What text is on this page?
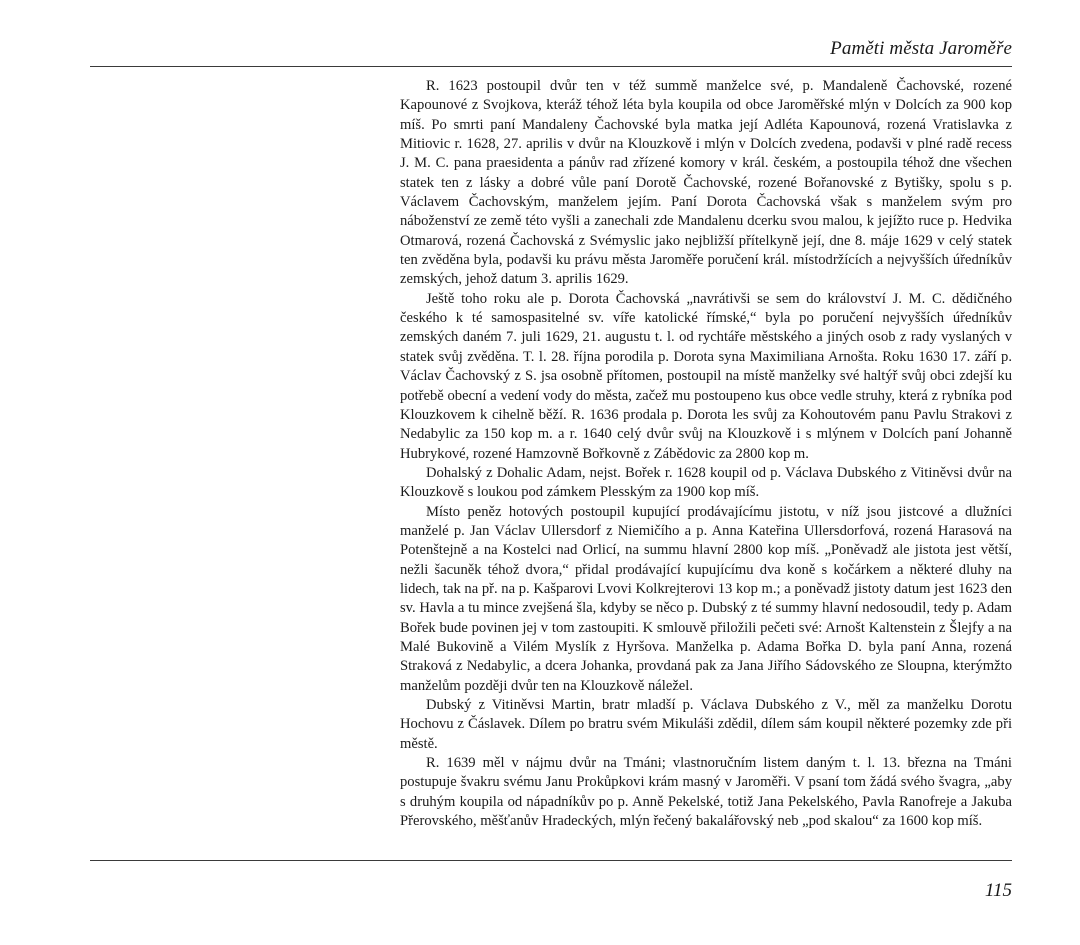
Paměti města Jaroměře

R. 1623 postoupil dvůr ten v též summě manželce své, p. Mandaleně Čachovské, rozené Kapounové z Svojkova, kteráž téhož léta byla koupila od obce Jaroměřské mlýn v Dolcích za 900 kop míš. Po smrti paní Mandaleny Čachovské byla matka její Adléta Kapounová, rozená Vratislavka z Mitiovic r. 1628, 27. aprilis v dvůr na Klouzkově i mlýn v Dolcích zvedena, podavši v plné radě recess J. M. C. pana praesidenta a pánův rad zřízené komory v král. českém, a postoupila téhož dne všechen statek ten z lásky a dobré vůle paní Dorotě Čachovské, rozené Bořanovské z Bytišky, spolu s p. Václavem Čachovským, manželem jejím. Paní Dorota Čachovská však s manželem svým pro náboženství ze země této vyšli a zanechali zde Mandalenu dcerku svou malou, k jejížto ruce p. Hedvika Otmarová, rozená Čachovská z Svémyslic jako nejbližší přítelkyně její, dne 8. máje 1629 v celý statek ten zvěděna byla, podavši ku právu města Jaroměře poručení král. místodržících a nejvyšších úředníkův zemských, jehož datum 3. aprilis 1629.

Ještě toho roku ale p. Dorota Čachovská „navrátivši se sem do království J. M. C. dědičného českého k té samospasitelné sv. víře katolické římské,“ byla po poručení nejvyšších úředníkův zemských daném 7. juli 1629, 21. augustu t. l. od rychtáře městského a jiných osob z rady vyslaných v statek svůj zvěděna. T. l. 28. října porodila p. Dorota syna Maximiliana Arnošta. Roku 1630 17. září p. Václav Čachovský z S. jsa osobně přítomen, postoupil na místě manželky své haltýř svůj obci zdejší ku potřebě obecní a vedení vody do města, začež mu postoupeno kus obce vedle struhy, která z rybníka pod Klouzkovem k cihelně běží. R. 1636 prodala p. Dorota les svůj za Kohoutovém panu Pavlu Strakovi z Nedabylic za 150 kop m. a r. 1640 celý dvůr svůj na Klouzkově i s mlýnem v Dolcích paní Johanně Hubrykové, rozené Hamzovně Bořkovně z Zábědovic za 2800 kop m.

Dohalský z Dohalic Adam, nejst. Bořek r. 1628 koupil od p. Václava Dubského z Vitiněvsi dvůr na Klouzkově s loukou pod zámkem Plesským za 1900 kop míš.

Místo peněz hotových postoupil kupující prodávajícímu jistotu, v níž jsou jistcové a dlužníci manželé p. Jan Václav Ullersdorf z Niemičího a p. Anna Kateřina Ullersdorfová, rozená Harasová na Potenštejně a na Kostelci nad Orlicí, na summu hlavní 2800 kop míš. „Poněvadž ale jistota jest větší, nežli šacuněk téhož dvora,“ přidal prodávající kupujícímu dva koně s kočárkem a některé dluhy na lidech, tak na př. na p. Kašparovi Lvovi Kolkrejterovi 13 kop m.; a poněvadž jistoty datum jest 1623 den sv. Havla a tu mince zvejšená šla, kdyby se něco p. Dubský z té summy hlavní nedosoudil, tedy p. Adam Bořek bude povinen jej v tom zastoupiti. K smlouvě přiložili pečeti své: Arnošt Kaltenstein z Šlejfy a na Malé Bukovině a Vilém Myslík z Hyršova. Manželka p. Adama Bořka D. byla paní Anna, rozená Straková z Nedabylic, a dcera Johanka, provdaná pak za Jana Jiřího Sádovského ze Sloupna, kterýmžto manželům později dvůr ten na Klouzkově náležel.

Dubský z Vitiněvsi Martin, bratr mladší p. Václava Dubského z V., měl za manželku Dorotu Hochovu z Čáslavek. Dílem po bratru svém Mikuláši zdědil, dílem sám koupil některé pozemky zde při městě.

R. 1639 měl v nájmu dvůr na Tmáni; vlastnoručním listem daným t. l. 13. března na Tmáni postupuje švakru svému Janu Prokůpkovi krám masný v Jaroměři. V psaní tom žádá svého švagra, „aby s druhým koupila od nápadníkův po p. Anně Pekelské, totiž Jana Pekelského, Pavla Ranofreje a Jakuba Přerovského, měšťanův Hradeckých, mlýn řečený bakalářovský neb „pod skalou“ za 1600 kop míš.

115
